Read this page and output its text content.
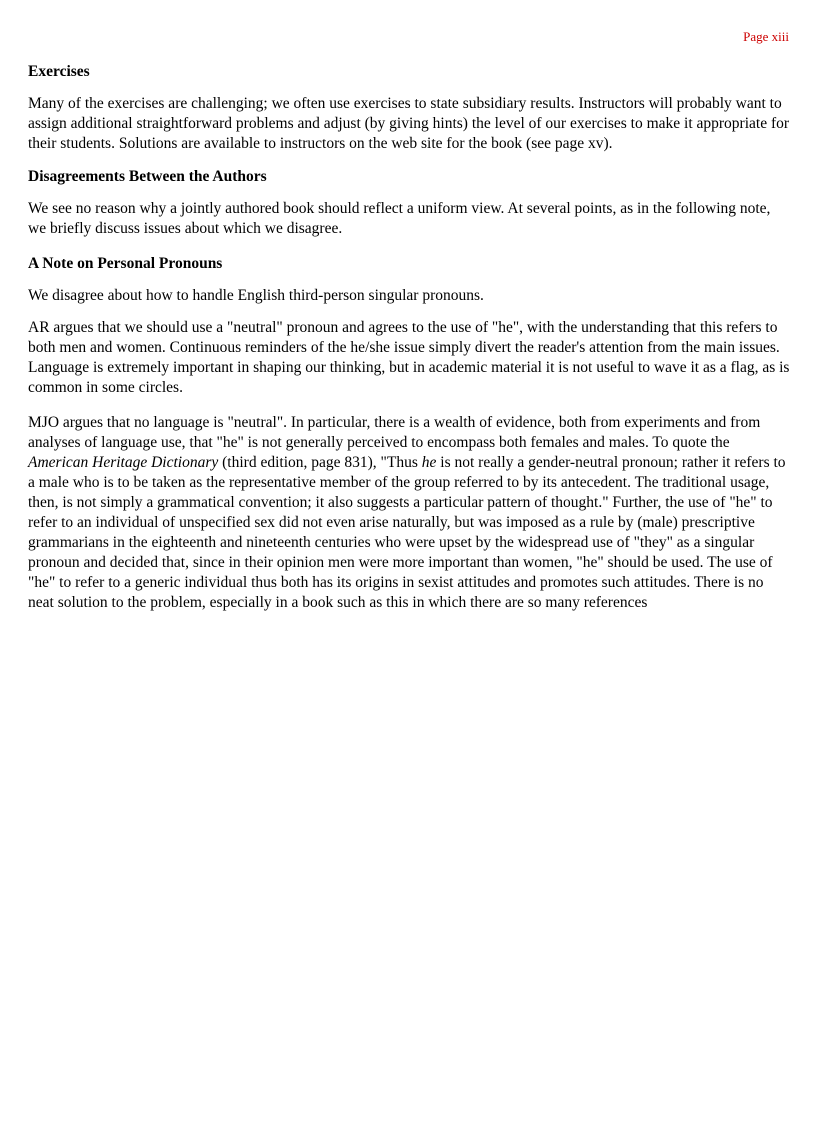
Page xiii
Exercises

Many of the exercises are challenging; we often use exercises to state subsidiary results. Instructors will probably want to assign additional straightforward problems and adjust (by giving hints) the level of our exercises to make it appropriate for their students. Solutions are available to instructors on the web site for the book (see page xv).

Disagreements Between the Authors

We see no reason why a jointly authored book should reflect a uniform view. At several points, as in the following note, we briefly discuss issues about which we disagree.

A Note on Personal Pronouns

We disagree about how to handle English third-person singular pronouns.

AR argues that we should use a "neutral" pronoun and agrees to the use of "he", with the understanding that this refers to both men and women. Continuous reminders of the he/she issue simply divert the reader's attention from the main issues. Language is extremely important in shaping our thinking, but in academic material it is not useful to wave it as a flag, as is common in some circles.

MJO argues that no language is "neutral". In particular, there is a wealth of evidence, both from experiments and from analyses of language use, that "he" is not generally perceived to encompass both females and males. To quote the American Heritage Dictionary (third edition, page 831), "Thus he is not really a gender-neutral pronoun; rather it refers to a male who is to be taken as the representative member of the group referred to by its antecedent. The traditional usage, then, is not simply a grammatical convention; it also suggests a particular pattern of thought." Further, the use of "he" to refer to an individual of unspecified sex did not even arise naturally, but was imposed as a rule by (male) prescriptive grammarians in the eighteenth and nineteenth centuries who were upset by the widespread use of "they" as a singular pronoun and decided that, since in their opinion men were more important than women, "he" should be used. The use of "he" to refer to a generic individual thus both has its origins in sexist attitudes and promotes such attitudes. There is no neat solution to the problem, especially in a book such as this in which there are so many references
